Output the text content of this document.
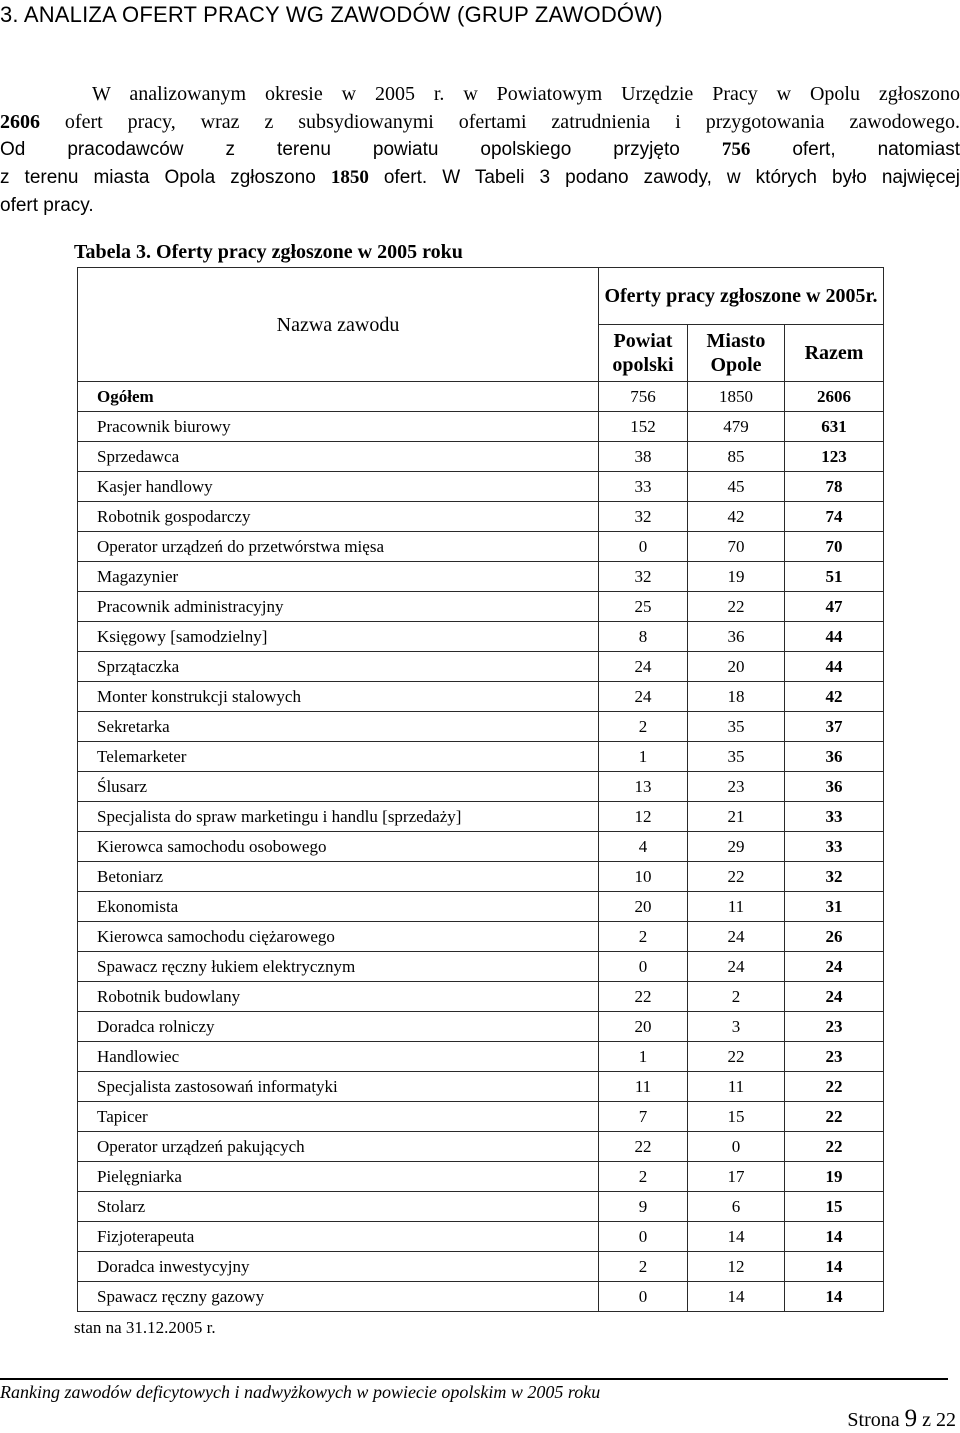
3. ANALIZA OFERT PRACY WG ZAWODÓW (GRUP ZAWODÓW)

W analizowanym okresie w 2005 r. w Powiatowym Urzędzie Pracy w Opolu zgłoszono

2606 ofert pracy, wraz z subsydiowanymi ofertami zatrudnienia i przygotowania zawodowego.

Od pracodawców z terenu powiatu opolskiego przyjęto 756 ofert, natomiast

z terenu miasta Opola zgłoszono 1850 ofert. W Tabeli 3 podano zawody, w których było najwięcej

ofert pracy.

Tabela 3. Oferty pracy zgłoszone w 2005 roku
Nazwa zawodu	Oferty pracy zgłoszone w 2005r.		
	Powiat opolski	Miasto Opole	Razem
Ogółem	756	1850	2606
Pracownik biurowy	152	479	631
Sprzedawca	38	85	123
Kasjer handlowy	33	45	78
Robotnik gospodarczy	32	42	74
Operator urządzeń do przetwórstwa mięsa	0	70	70
Magazynier	32	19	51
Pracownik administracyjny	25	22	47
Księgowy [samodzielny]	8	36	44
Sprzątaczka	24	20	44
Monter konstrukcji stalowych	24	18	42
Sekretarka	2	35	37
Telemarketer	1	35	36
Ślusarz	13	23	36
Specjalista do spraw marketingu i handlu [sprzedaży]	12	21	33
Kierowca samochodu osobowego	4	29	33
Betoniarz	10	22	32
Ekonomista	20	11	31
Kierowca samochodu ciężarowego	2	24	26
Spawacz ręczny łukiem elektrycznym	0	24	24
Robotnik budowlany	22	2	24
Doradca rolniczy	20	3	23
Handlowiec	1	22	23
Specjalista zastosowań informatyki	11	11	22
Tapicer	7	15	22
Operator urządzeń pakujących	22	0	22
Pielęgniarka	2	17	19
Stolarz	9	6	15
Fizjoterapeuta	0	14	14
Doradca inwestycyjny	2	12	14
Spawacz ręczny gazowy	0	14	14
stan na 31.12.2005 r.
Ranking zawodów deficytowych i nadwyżkowych w powiecie opolskim w 2005 roku
Strona 9 z 22
